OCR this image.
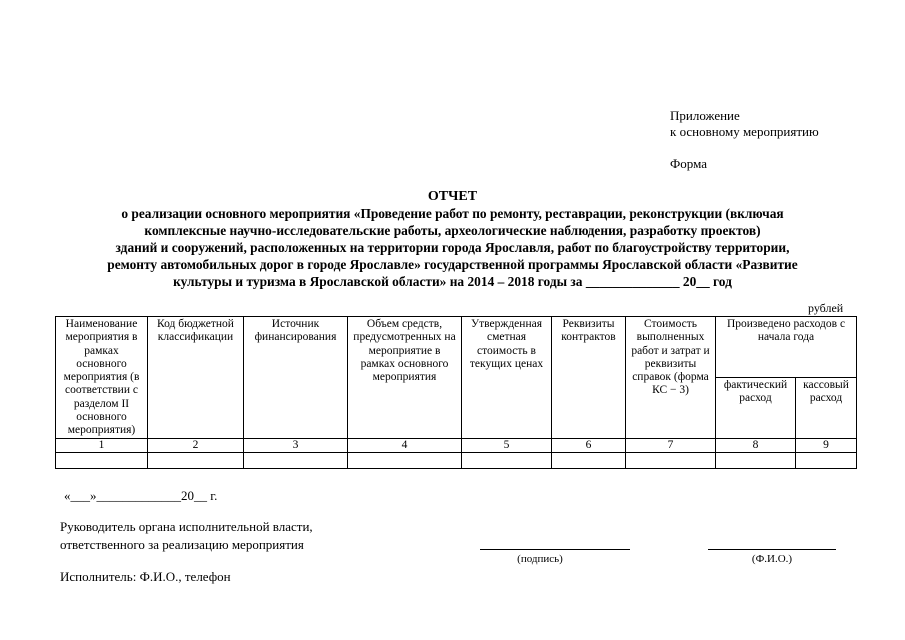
Приложение
к основному мероприятию
Форма
ОТЧЕТ
о реализации основного мероприятия «Проведение работ по ремонту, реставрации, реконструкции (включая
комплексные научно-исследовательские работы, археологические наблюдения, разработку проектов)
зданий и сооружений, расположенных на территории города Ярославля, работ по благоустройству территории,
ремонту автомобильных дорог в городе Ярославле» государственной программы Ярославской области «Развитие
культуры и туризма в Ярославской области» на 2014 – 2018 годы за ______________ 20__ год
рублей
Наименование мероприятия в рамках основного мероприятия (в соответствии с разделом II основного мероприятия)	Код бюджетной классификации	Источник финансирования	Объем средств, предусмотренных на мероприятие в рамках основного мероприятия	Утвержденная сметная стоимость в текущих ценах	Реквизиты контрактов	Стоимость выполненных работ и затрат и реквизиты справок (форма КС − 3)	Произведено расходов с начала года	
							фактический расход	кассовый расход
1	2	3	4	5	6	7	8	9

«___»_____________20__ г.
Руководитель органа исполнительной власти,
ответственного за реализацию мероприятия
(подпись)	(Ф.И.О.)
Исполнитель: Ф.И.О., телефон
